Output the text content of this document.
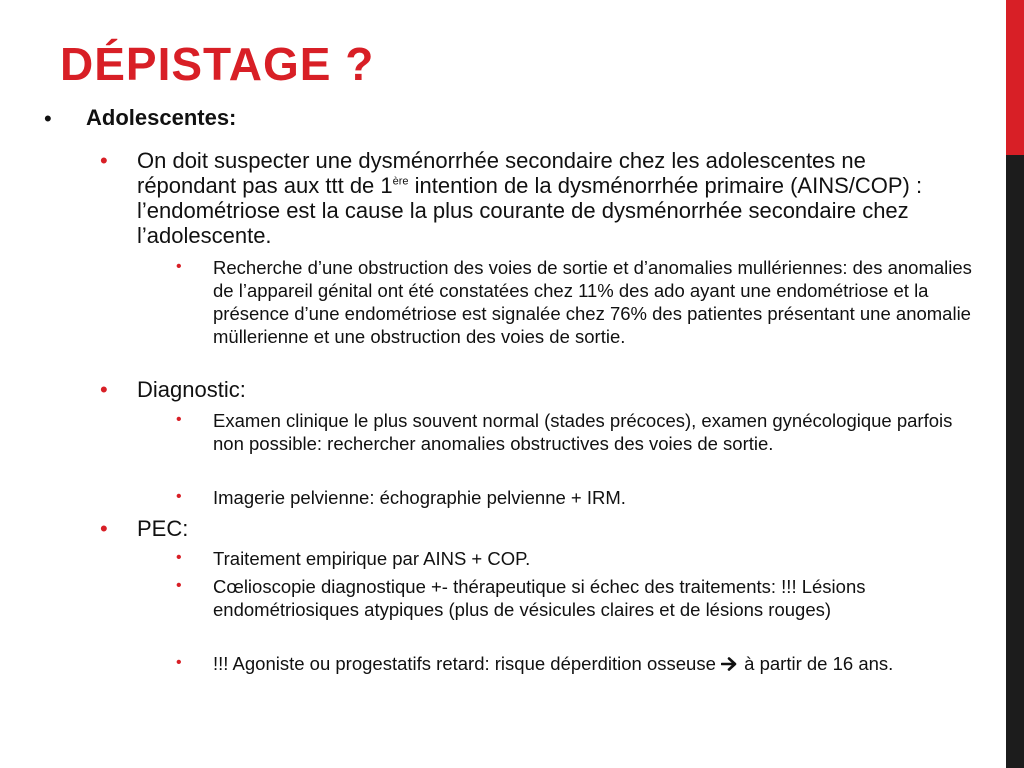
DÉPISTAGE ?
• Adolescentes:
• On doit suspecter une dysménorrhée secondaire chez les adolescentes ne répondant pas aux ttt de 1ère intention de la dysménorrhée primaire (AINS/COP) : l’endométriose est la cause la plus courante de dysménorrhée secondaire chez l’adolescente.
• Recherche d’une obstruction des voies de sortie et d’anomalies mullériennes: des anomalies de l’appareil génital ont été constatées chez 11% des ado ayant une endométriose et la présence d’une endométriose est signalée chez 76% des patientes présentant une anomalie müllerienne et une obstruction des voies de sortie.
• Diagnostic:
• Examen clinique le plus souvent normal (stades précoces), examen gynécologique parfois non possible: rechercher anomalies obstructives des voies de sortie.
• Imagerie pelvienne: échographie pelvienne + IRM.
• PEC:
• Traitement empirique par AINS + COP.
• Cœlioscopie diagnostique +- thérapeutique si échec des traitements: !!! Lésions endométriosiques atypiques (plus de vésicules claires et de lésions rouges)
• !!! Agoniste ou progestatifs retard: risque déperdition osseuse  à partir de 16 ans.
